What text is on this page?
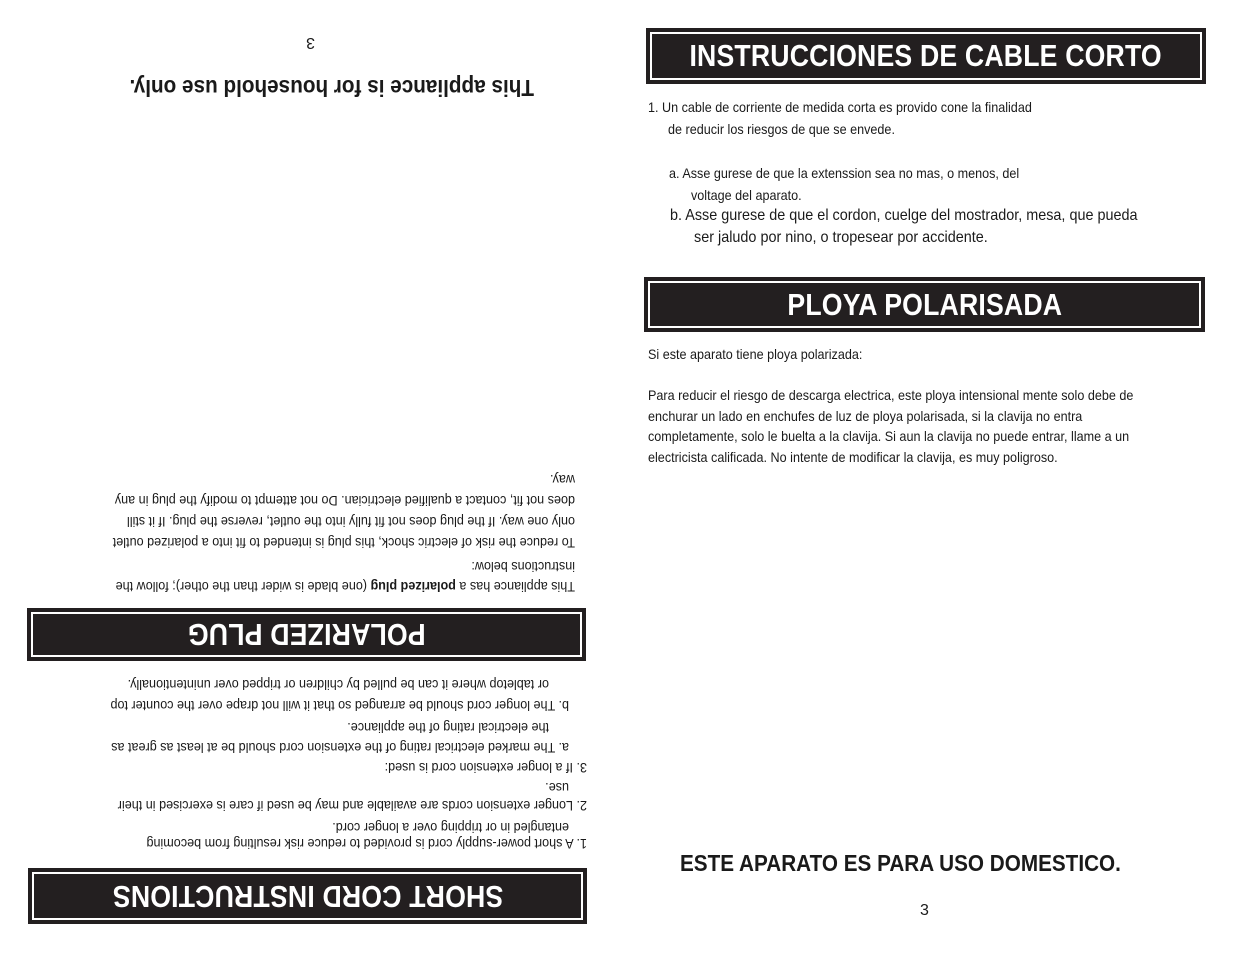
SHORT CORD INSTRUCTIONS
1. A short power-supply cord is provided to reduce risk resulting from becoming
entangled in or tripping over a longer cord.
2. Longer extension cords are available and may be used if care is exercised in their
use.
3. If a longer extension cord is used:
a. The marked electrical rating of the extension cord should be at least as great as
the electrical rating of the appliance.
b. The longer cord should be arranged so that it will not drape over the counter top
or tabletop where it can be pulled by children or tripped over unintentionally.
POLARIZED PLUG
This appliance has a polarized plug (one blade is wider than the other); follow the
instructions below:
To reduce the risk of electric shock, this plug is intended to fit into a polarized outlet
only one way. If the plug does not fit fully into the outlet, reverse the plug. If it still
does not fit, contact a qualified electrician. Do not attempt to modify the plug in any
way.
This appliance is for household use only.
3	INSTRUCCIONES DE CABLE CORTO
1. Un cable de corriente de medida corta es provido cone la finalidad
de reducir los riesgos de que se envede.
a. Asse gurese de que la extenssion sea no mas, o menos, del
voltage del aparato.
b. Asse gurese de que el cordon, cuelge del mostrador, mesa, que pueda
ser jaludo por nino, o tropesear por accidente.
PLOYA POLARISADA
Si este aparato tiene ploya polarizada:
Para reducir el riesgo de descarga electrica, este ploya intensional mente solo debe de
enchurar un lado en enchufes de luz de ploya polarisada, si la clavija no entra
completamente, solo le buelta a la clavija. Si aun la clavija no puede entrar, llame a un
electricista calificada. No intente de modificar la clavija, es muy poligroso.
ESTE APARATO ES PARA USO DOMESTICO.
3
